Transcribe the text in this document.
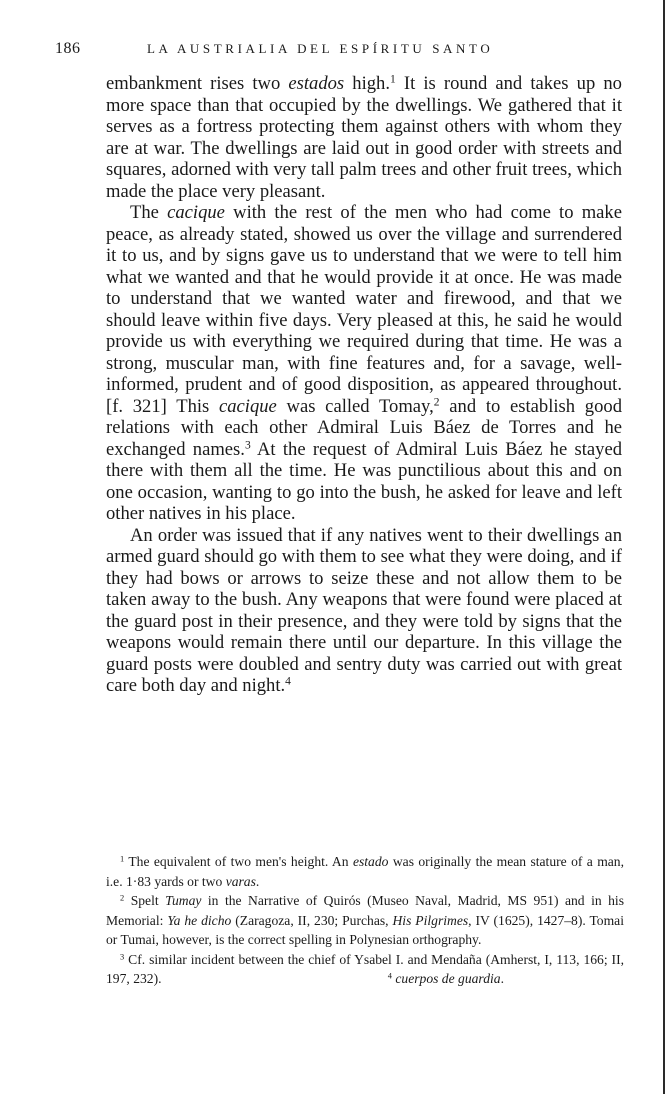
186	LA AUSTRIALIA DEL ESPÍRITU SANTO

embankment rises two estados high.$^1$ It is round and takes up no more space than that occupied by the dwellings. We gathered that it serves as a fortress protecting them against others with whom they are at war. The dwellings are laid out in good order with streets and squares, adorned with very tall palm trees and other fruit trees, which made the place very pleasant.

The cacique with the rest of the men who had come to make peace, as already stated, showed us over the village and surrendered it to us, and by signs gave us to understand that we were to tell him what we wanted and that he would provide it at once. He was made to understand that we wanted water and firewood, and that we should leave within five days. Very pleased at this, he said he would provide us with everything we required during that time. He was a strong, muscular man, with fine features and, for a savage, well-informed, prudent and of good disposition, as appeared throughout. [f. 321] This cacique was called Tomay,$^2$ and to establish good relations with each other Admiral Luis Báez de Torres and he exchanged names.$^3$ At the request of Admiral Luis Báez he stayed there with them all the time. He was punctilious about this and on one occasion, wanting to go into the bush, he asked for leave and left other natives in his place.

An order was issued that if any natives went to their dwellings an armed guard should go with them to see what they were doing, and if they had bows or arrows to seize these and not allow them to be taken away to the bush. Any weapons that were found were placed at the guard post in their presence, and they were told by signs that the weapons would remain there until our departure. In this village the guard posts were doubled and sentry duty was carried out with great care both day and night.$^4$

$^1$ The equivalent of two men's height. An estado was originally the mean stature of a man, i.e. 1·83 yards or two varas.

$^2$ Spelt Tumay in the Narrative of Quirós (Museo Naval, Madrid, MS 951) and in his Memorial: Ya he dicho (Zaragoza, II, 230; Purchas, His Pilgrimes, IV (1625), 1427–8). Tomai or Tumai, however, is the correct spelling in Polynesian orthography.

$^3$ Cf. similar incident between the chief of Ysabel I. and Mendaña (Amherst, I, 113, 166; II, 197, 232).	$^4$ cuerpos de guardia.
